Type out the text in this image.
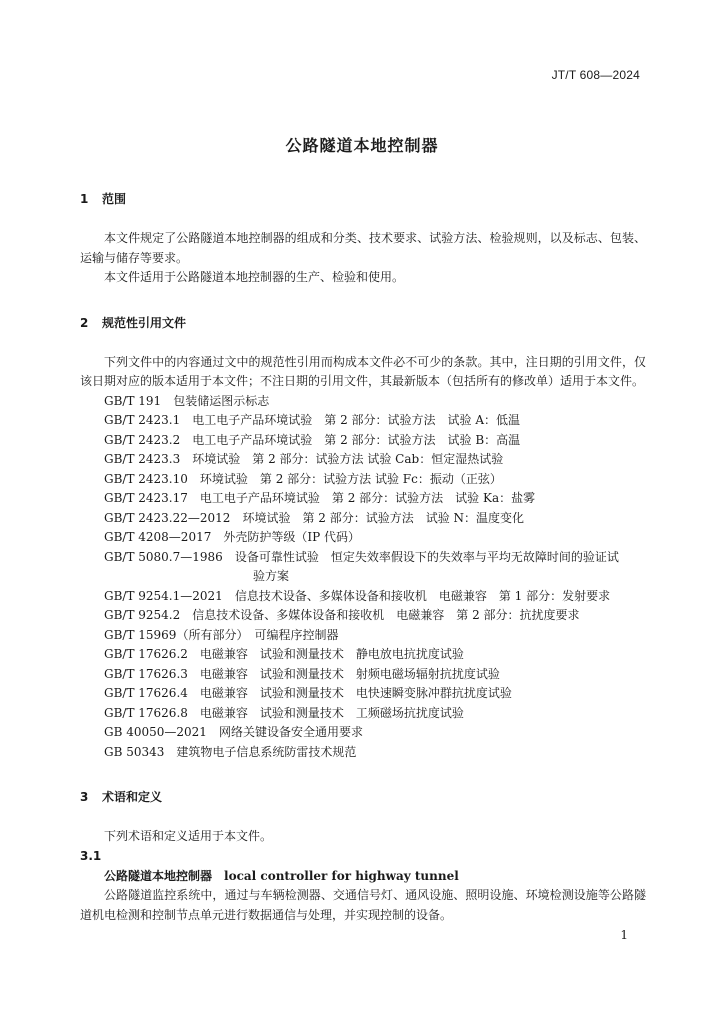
JT/T 608—2024
公路隧道本地控制器
1 范围

本文件规定了公路隧道本地控制器的组成和分类、技术要求、试验方法、检验规则，以及标志、包装、运输与储存等要求。

本文件适用于公路隧道本地控制器的生产、检验和使用。

2 规范性引用文件

下列文件中的内容通过文中的规范性引用而构成本文件必不可少的条款。其中，注日期的引用文件，仅该日期对应的版本适用于本文件；不注日期的引用文件，其最新版本（包括所有的修改单）适用于本文件。

GB/T 191　 包装储运图示标志
GB/T 2423.1　 电工电子产品环境试验　第 2 部分：试验方法　试验 A：低温
GB/T 2423.2　 电工电子产品环境试验　第 2 部分：试验方法　试验 B：高温
GB/T 2423.3　 环境试验　第 2 部分：试验方法 试验 Cab：恒定湿热试验
GB/T 2423.10　 环境试验　第 2 部分：试验方法 试验 Fc：振动（正弦）
GB/T 2423.17　 电工电子产品环境试验　第 2 部分：试验方法　试验 Ka：盐雾
GB/T 2423.22—2012　 环境试验　第 2 部分：试验方法　试验 N：温度变化
GB/T 4208—2017　 外壳防护等级（IP 代码）
GB/T 5080.7—1986　 设备可靠性试验　恒定失效率假设下的失效率与平均无故障时间的验证试
验方案
GB/T 9254.1—2021　 信息技术设备、多媒体设备和接收机　电磁兼容　第 1 部分：发射要求
GB/T 9254.2　 信息技术设备、多媒体设备和接收机　电磁兼容　第 2 部分：抗扰度要求
GB/T 15969（所有部分）　 可编程序控制器
GB/T 17626.2　 电磁兼容　试验和测量技术　静电放电抗扰度试验
GB/T 17626.3　 电磁兼容　试验和测量技术　射频电磁场辐射抗扰度试验
GB/T 17626.4　 电磁兼容　试验和测量技术　电快速瞬变脉冲群抗扰度试验
GB/T 17626.8　 电磁兼容　试验和测量技术　工频磁场抗扰度试验
GB 40050—2021　 网络关键设备安全通用要求
GB 50343　 建筑物电子信息系统防雷技术规范
3 术语和定义

下列术语和定义适用于本文件。

3.1

公路隧道本地控制器 local controller for highway tunnel

公路隧道监控系统中，通过与车辆检测器、交通信号灯、通风设施、照明设施、环境检测设施等公路隧道机电检测和控制节点单元进行数据通信与处理，并实现控制的设备。

1
